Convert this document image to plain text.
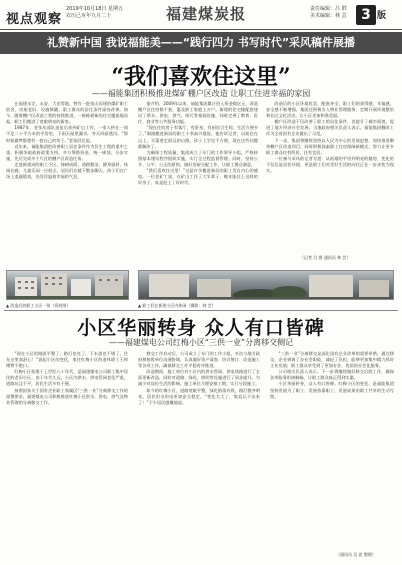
视点观察
2019年10月18日 星期五
农历己亥年九月二十	福建煤炭报	责任编辑：吕 群
美术编辑：林 芸	3 版
礼赞新中国 我说福能美——“践行四力 书写时代”采风稿件展播
“我们喜欢住这里”
——福能集团积极推进煤矿棚户区改造 让职工住进幸福的家园

在福建永定、永安、大田等地，曾有一批依山而建的煤矿职工宿舍，房屋老旧、设施简陋，职工群众的居住条件亟待改善。如今，随着棚户区改造工程的持续推进，一栋栋崭新的住宅楼拔地而起，职工们搬进了宽敞明亮的新家。

1987年，老张从部队退伍后来到矿山工作，一家人挤在一间不足二十平方米的平房里，下雨天屋里漏水，冬天四面透风。“那时候做梦都想有一套自己的房子。”老张回忆说。

近年来，福能集团把改善职工居住条件作为民生工程的重中之重，积极争取政府政策支持，多方筹措资金，统一规划、分步实施，先后完成多个片区的棚户区改造任务。

走进新建成的职工小区，绿树成荫，道路整洁，健身器材、休闲长廊、儿童乐园一应俱全。居民们在楼下散步聊天，孩子们在广场上追逐嬉戏，处处洋溢着幸福的气息。

据介绍，2009年以来，福能集团累计投入资金数亿元，改造棚户区住房数千套，惠及职工家庭上万户。新建的住宅楼配套建设了供水、供电、供气、排污等基础设施，同时完善了教育、医疗、商业等公共服务功能。

“现在住的房子有客厅、有卧室、有厨房卫生间，生活方便多了。”刚刚搬进新居的职工小李高兴地说。他告诉记者，以前住在山上，买菜要走很远的山路，孩子上学也不方便，现在这些问题都解决了。

为确保工程质量，集团成立了专门的工作领导小组，严格按照基本建设程序组织实施，实行全过程监督管理。同时，坚持公开、公平、公正的原则，做好房屋分配工作，让职工群众满意。

“我们喜欢住这里！”这是许多搬进新居的职工发自内心的感叹。一位老矿工说，在矿山工作了大半辈子，晚年能住上这样的好房子，真是赶上了好时代。

改造后的小区环境优美，配套齐全，职工们的获得感、幸福感、安全感不断增强。集团还积极引入物业管理服务，定期开展环境整治和社区文化活动，让小区更加和谐美丽。

棚户区改造不仅改善了职工的居住条件，也提升了城市面貌，促进了地方经济社会发展。当地政府相关负责人表示，福能集团棚改工作为全省国有企业做出了示范。

下一步，集团将继续坚持以人民为中心的发展思想，加快推进剩余棚户区改造项目，同时积极探索职工住房保障新模式，努力让更多职工群众住有所居、住有宜居。

一位参与采风的记者写道：从低矮的平房到明亮的楼房，变化的不仅仅是居住环境，更是职工们对美好生活的向往正在一步步变为现实。

▲ 改造后的职工小区一角（资料图）	▲ 职工们在新建小区内休闲（摄影：林 芸）
（记者 吕 群 通讯员 林 芸）
小区华丽转身 众人有口皆碑
——福建煤电公司红梅小区“三供一业”分离移交侧记

“现在小区的路面平整了，路灯也亮了，下水道也不堵了，住在这里真舒心！”说起小区的变化，家住红梅小区的退休职工王师傅赞不绝口。

红梅小区始建于上世纪八十年代，是福建煤电公司职工集中居住的老旧小区。由于年代久远，小区内供水、供电管网老化严重，道路坑洼不平，居民生活多有不便。

按照国家关于国有企业职工家属区“三供一业”分离移交工作的部署要求，福建煤电公司积极推进红梅小区供水、供电、供气及物业管理的分离移交工作。

移交工作启动后，公司成立了专门的工作小组，多次与地方政府和接收单位沟通协调，认真做好资产清查、协议签订、改造施工等各项工作，确保移交工作平稳有序推进。

改造期间，施工单位对小区内的供水管网、供电线路进行了全面更新改造，同时对道路、绿化、照明等设施进行了同步提升。为减少对居民生活的影响，施工单位合理安排工期，实行分段施工。

如今的红梅小区，道路宽敞平整，绿化错落有致，路灯整齐明亮，居民用水用电更加安全稳定。“变化太大了，简直认不出来了！”不少居民感慨地说。

“三供一业”分离移交是深化国有企业改革的重要举措。通过移交，企业剥离了办社会职能，减轻了负担，能够更加集中精力抓好主业发展；职工群众享受到了更加专业、优质的社会化服务。

公司相关负责人表示，下一步将继续做好移交后续工作，确保各项服务衔接顺畅，让职工群众真正得到实惠。

小区华丽转身，众人有口皆碑。红梅小区的变化，是福能集团坚持发展为了职工、发展依靠职工、发展成果由职工共享的生动写照。

（通讯员 吴 思 整理）
